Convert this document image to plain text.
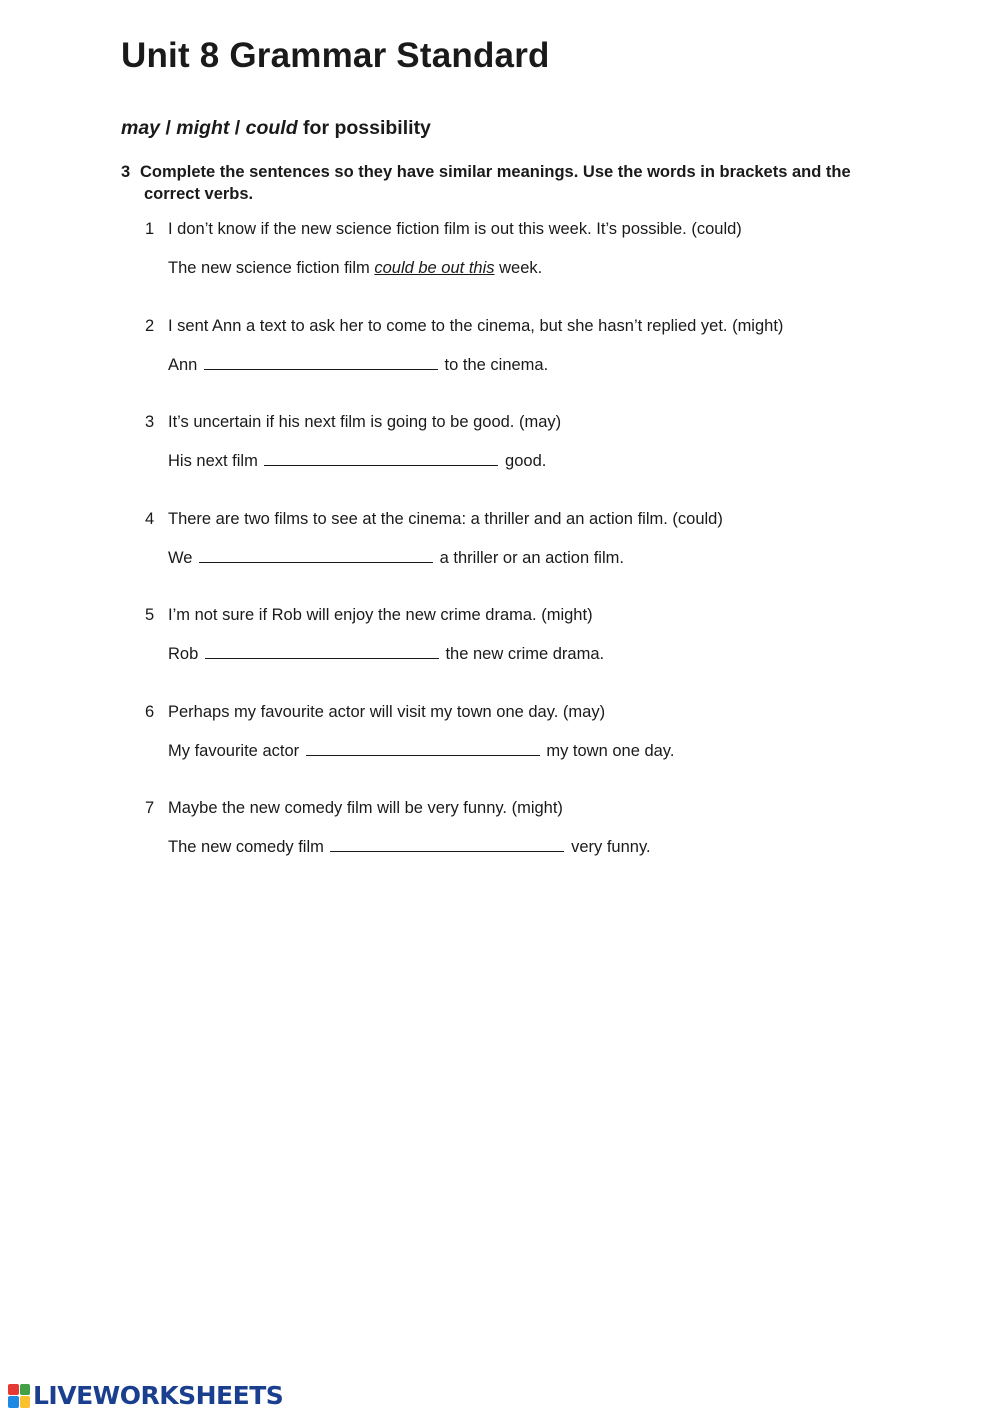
Unit 8 Grammar Standard
may / might / could for possibility
3 Complete the sentences so they have similar meanings. Use the words in brackets and the
correct verbs.
1 I don’t know if the new science fiction film is out this week. It’s possible. (could)
The new science fiction film could be out this week.
2 I sent Ann a text to ask her to come to the cinema, but she hasn’t replied yet. (might)
Ann	to the cinema.
3 It’s uncertain if his next film is going to be good. (may)
His next film	good.
4 There are two films to see at the cinema: a thriller and an action film. (could)
We	a thriller or an action film.
5 I’m not sure if Rob will enjoy the new crime drama. (might)
Rob	the new crime drama.
6 Perhaps my favourite actor will visit my town one day. (may)
My favourite actor	my town one day.
7 Maybe the new comedy film will be very funny. (might)
The new comedy film	very funny.
LIVEWORKSHEETS
